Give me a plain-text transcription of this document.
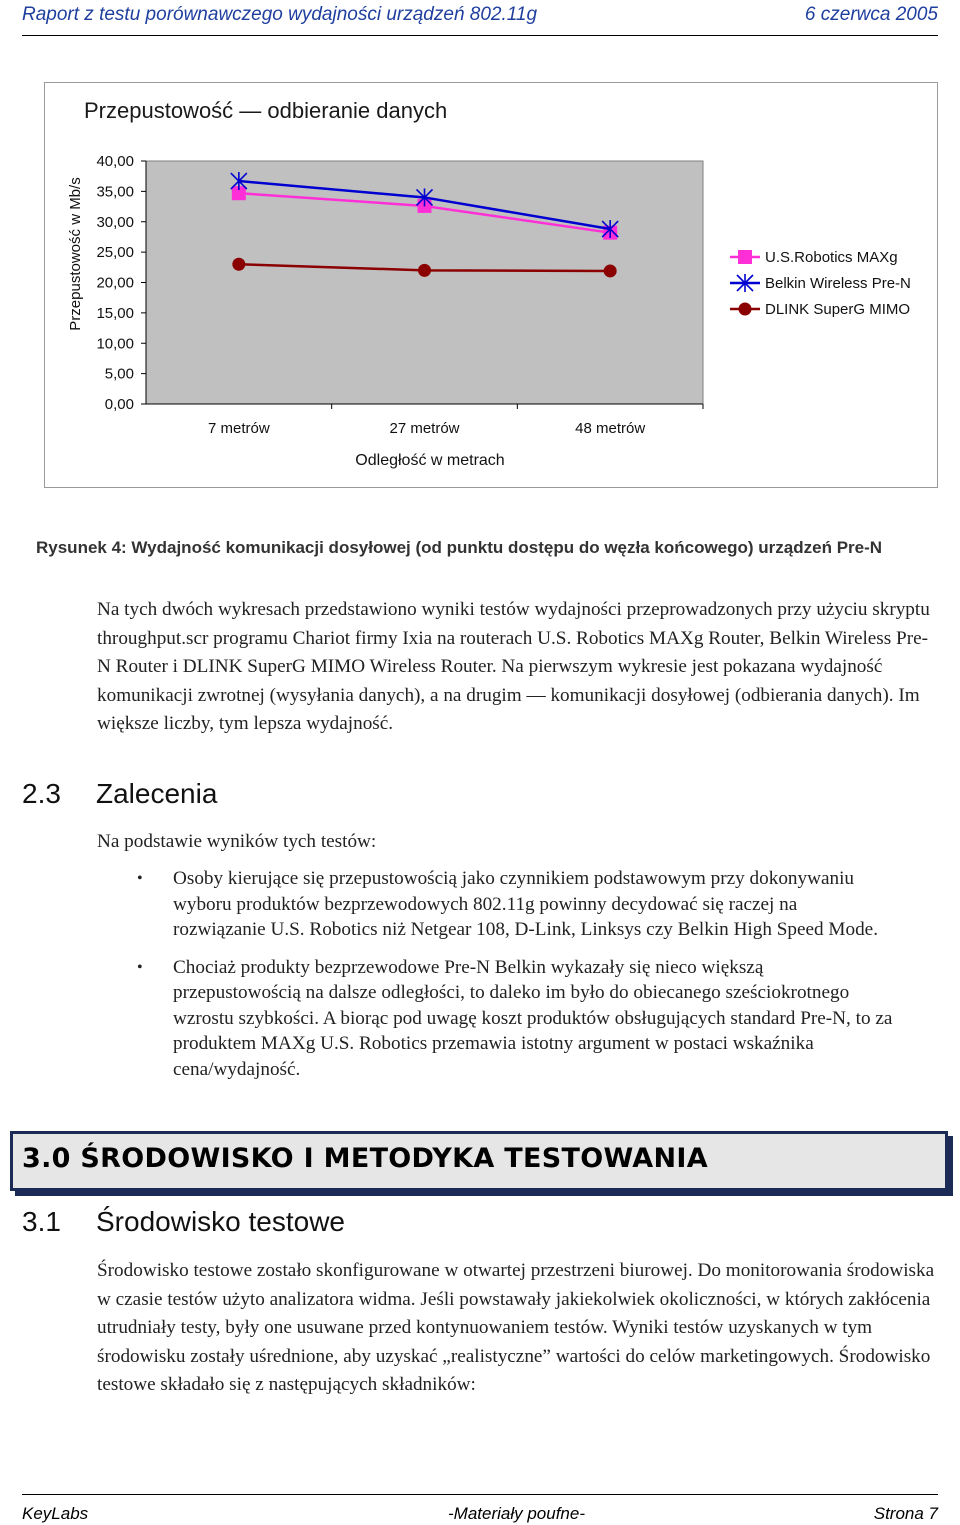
Raport z testu porównawczego wydajności urządzeń 802.11g	6 czerwca 2005
Przepustowość — odbieranie danych
0,00
5,00
10,00
15,00
20,00
25,00
30,00
35,00
40,00
7 metrów	27 metrów	48 metrów
Przepustowość w Mb/s
Odległość w metrach
U.S.Robotics MAXg
Belkin Wireless Pre-N
DLINK SuperG MIMO
Rysunek 4: Wydajność komunikacji dosyłowej (od punktu dostępu do węzła końcowego) urządzeń Pre-N
Na tych dwóch wykresach przedstawiono wyniki testów wydajności przeprowadzonych przy użyciu skryptu throughput.scr programu Chariot firmy Ixia na routerach U.S. Robotics MAXg Router, Belkin Wireless Pre-N Router i DLINK SuperG MIMO Wireless Router. Na pierwszym wykresie jest pokazana wydajność komunikacji zwrotnej (wysyłania danych), a na drugim — komunikacji dosyłowej (odbierania danych). Im większe liczby, tym lepsza wydajność.
2.3 Zalecenia
Na podstawie wyników tych testów:
• Osoby kierujące się przepustowością jako czynnikiem podstawowym przy dokonywaniu wyboru produktów bezprzewodowych 802.11g powinny decydować się raczej na rozwiązanie U.S. Robotics niż Netgear 108, D-Link, Linksys czy Belkin High Speed Mode.
• Chociaż produkty bezprzewodowe Pre-N Belkin wykazały się nieco większą przepustowością na dalsze odległości, to daleko im było do obiecanego sześciokrotnego wzrostu szybkości. A biorąc pod uwagę koszt produktów obsługujących standard Pre-N, to za produktem MAXg U.S. Robotics przemawia istotny argument w postaci wskaźnika cena/wydajność.
3.0 ŚRODOWISKO I METODYKA TESTOWANIA
3.1 Środowisko testowe
Środowisko testowe zostało skonfigurowane w otwartej przestrzeni biurowej. Do monitorowania środowiska w czasie testów użyto analizatora widma. Jeśli powstawały jakiekolwiek okoliczności, w których zakłócenia utrudniały testy, były one usuwane przed kontynuowaniem testów. Wyniki testów uzyskanych w tym środowisku zostały uśrednione, aby uzyskać „realistyczne” wartości do celów marketingowych. Środowisko testowe składało się z następujących składników:
KeyLabs	-Materiały poufne-	Strona 7
